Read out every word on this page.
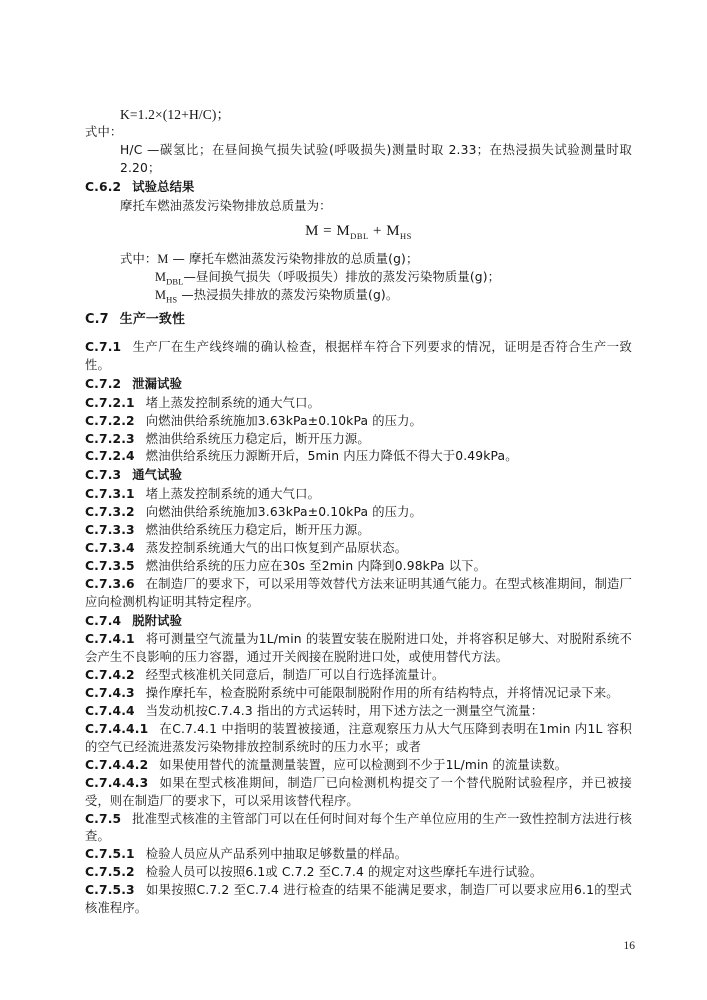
K=1.2×(12+H/C)；
式中：
H/C —碳氢比；在昼间换气损失试验(呼吸损失)测量时取 2.33；在热浸损失试验测量时取 2.20；
C.6.2 试验总结果
摩托车燃油蒸发污染物排放总质量为：
$M = M_{DBL} + M_{HS}$
式中：M — 摩托车燃油蒸发污染物排放的总质量(g)；
$M_{DBL}—$昼间换气损失（呼吸损失）排放的蒸发污染物质量(g)；
$M_{HS}$ —热浸损失排放的蒸发污染物质量(g)。
C.7 生产一致性
C.7.1 生产厂在生产线终端的确认检查，根据样车符合下列要求的情况，证明是否符合生产一致性。
C.7.2 泄漏试验
C.7.2.1 堵上蒸发控制系统的通大气口。
C.7.2.2 向燃油供给系统施加3.63kPa±0.10kPa 的压力。
C.7.2.3 燃油供给系统压力稳定后，断开压力源。
C.7.2.4 燃油供给系统压力源断开后，5min 内压力降低不得大于0.49kPa。
C.7.3 通气试验
C.7.3.1 堵上蒸发控制系统的通大气口。
C.7.3.2 向燃油供给系统施加3.63kPa±0.10kPa 的压力。
C.7.3.3 燃油供给系统压力稳定后，断开压力源。
C.7.3.4 蒸发控制系统通大气的出口恢复到产品原状态。
C.7.3.5 燃油供给系统的压力应在30s 至2min 内降到0.98kPa 以下。
C.7.3.6 在制造厂的要求下，可以采用等效替代方法来证明其通气能力。在型式核准期间，制造厂应向检测机构证明其特定程序。
C.7.4 脱附试验
C.7.4.1 将可测量空气流量为1L/min 的装置安装在脱附进口处，并将容积足够大、对脱附系统不会产生不良影响的压力容器，通过开关阀接在脱附进口处，或使用替代方法。
C.7.4.2 经型式核准机关同意后，制造厂可以自行选择流量计。
C.7.4.3 操作摩托车，检查脱附系统中可能限制脱附作用的所有结构特点，并将情况记录下来。
C.7.4.4 当发动机按C.7.4.3 指出的方式运转时，用下述方法之一测量空气流量：
C.7.4.4.1 在C.7.4.1 中指明的装置被接通，注意观察压力从大气压降到表明在1min 内1L 容积的空气已经流进蒸发污染物排放控制系统时的压力水平；或者
C.7.4.4.2 如果使用替代的流量测量装置，应可以检测到不少于1L/min 的流量读数。
C.7.4.4.3 如果在型式核准期间，制造厂已向检测机构提交了一个替代脱附试验程序，并已被接受，则在制造厂的要求下，可以采用该替代程序。
C.7.5 批准型式核准的主管部门可以在任何时间对每个生产单位应用的生产一致性控制方法进行核查。
C.7.5.1 检验人员应从产品系列中抽取足够数量的样品。
C.7.5.2 检验人员可以按照6.1或 C.7.2 至C.7.4 的规定对这些摩托车进行试验。
C.7.5.3 如果按照C.7.2 至C.7.4 进行检查的结果不能满足要求，制造厂可以要求应用6.1的型式核准程序。
16
